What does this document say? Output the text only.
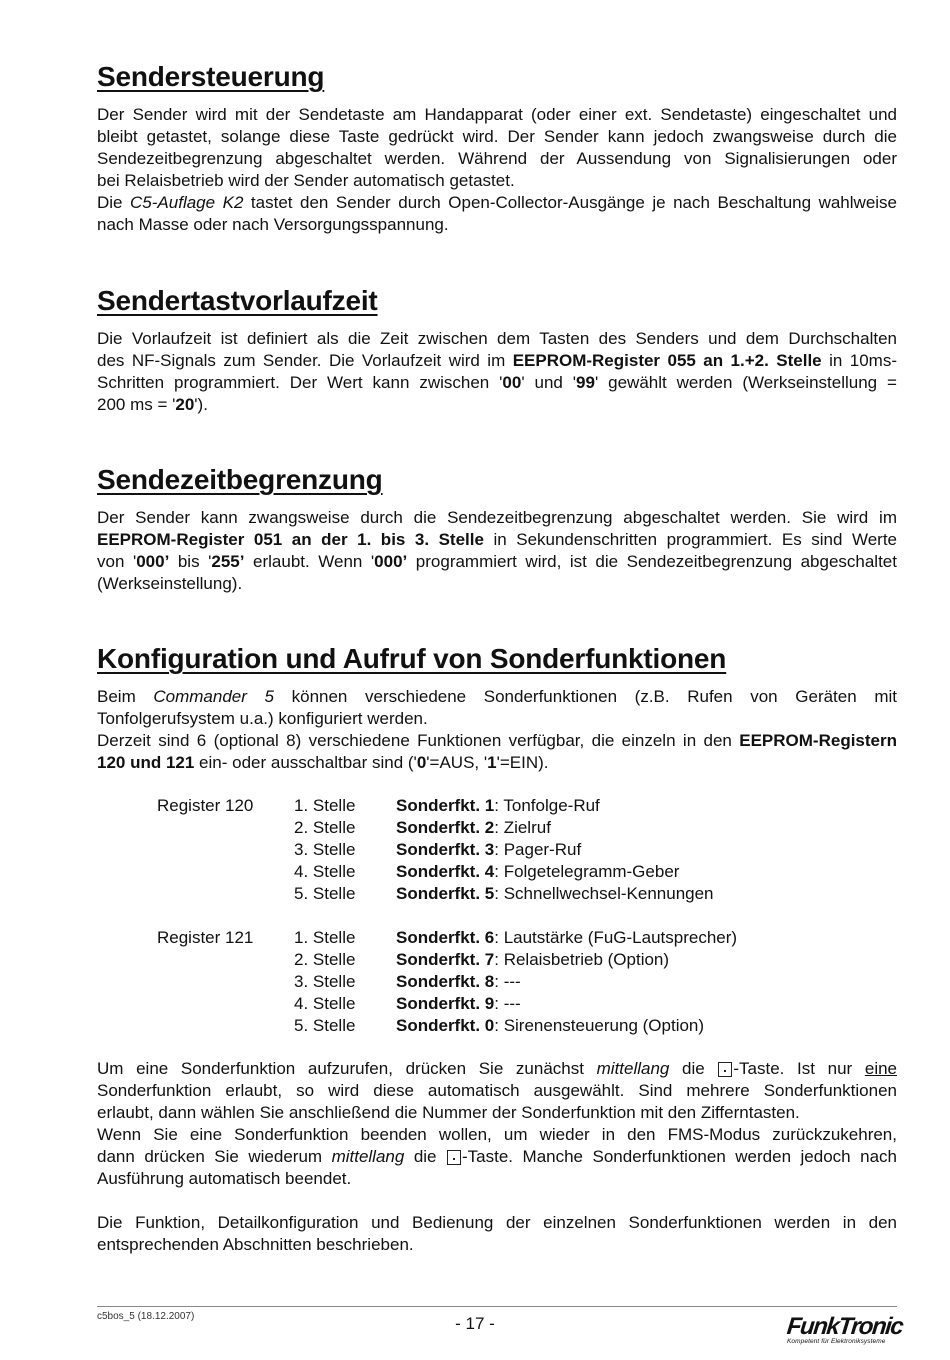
Sendersteuerung
Der Sender wird mit der Sendetaste am Handapparat (oder einer ext. Sendetaste) eingeschaltet und
bleibt getastet, solange diese Taste gedrückt wird. Der Sender kann jedoch zwangsweise durch die
Sendezeitbegrenzung abgeschaltet werden. Während der Aussendung von Signalisierungen oder
bei Relaisbetrieb wird der Sender automatisch getastet.
Die C5-Auflage K2 tastet den Sender durch Open-Collector-Ausgänge je nach Beschaltung wahlweise
nach Masse oder nach Versorgungsspannung.
Sendertastvorlaufzeit
Die Vorlaufzeit ist definiert als die Zeit zwischen dem Tasten des Senders und dem Durchschalten
des NF-Signals zum Sender. Die Vorlaufzeit wird im EEPROM-Register 055 an 1.+2. Stelle in 10ms-
Schritten programmiert. Der Wert kann zwischen '00' und '99' gewählt werden (Werkseinstellung =
200 ms = '20').
Sendezeitbegrenzung
Der Sender kann zwangsweise durch die Sendezeitbegrenzung abgeschaltet werden. Sie wird im
EEPROM-Register 051 an der 1. bis 3. Stelle in Sekundenschritten programmiert. Es sind Werte
von '000’ bis '255’ erlaubt. Wenn '000’ programmiert wird, ist die Sendezeitbegrenzung abgeschaltet
(Werkseinstellung).
Konfiguration und Aufruf von Sonderfunktionen
Beim Commander 5 können verschiedene Sonderfunktionen (z.B. Rufen von Geräten mit
Tonfolgerufsystem u.a.) konfiguriert werden.
Derzeit sind 6 (optional 8) verschiedene Funktionen verfügbar, die einzeln in den EEPROM-Registern
120 und 121 ein- oder ausschaltbar sind ('0'=AUS, '1'=EIN).
Register 120 1. Stelle Sonderfkt. 1: Tonfolge-Ruf
2. Stelle Sonderfkt. 2: Zielruf
3. Stelle Sonderfkt. 3: Pager-Ruf
4. Stelle Sonderfkt. 4: Folgetelegramm-Geber
5. Stelle Sonderfkt. 5: Schnellwechsel-Kennungen
Register 121 1. Stelle Sonderfkt. 6: Lautstärke (FuG-Lautsprecher)
2. Stelle Sonderfkt. 7: Relaisbetrieb (Option)
3. Stelle Sonderfkt. 8: ---
4. Stelle Sonderfkt. 9: ---
5. Stelle Sonderfkt. 0: Sirenensteuerung (Option)
Um eine Sonderfunktion aufzurufen, drücken Sie zunächst mittellang die -Taste. Ist nur eine
Sonderfunktion erlaubt, so wird diese automatisch ausgewählt. Sind mehrere Sonderfunktionen
erlaubt, dann wählen Sie anschließend die Nummer der Sonderfunktion mit den Zifferntasten.
Wenn Sie eine Sonderfunktion beenden wollen, um wieder in den FMS-Modus zurückzukehren,
dann drücken Sie wiederum mittellang die -Taste. Manche Sonderfunktionen werden jedoch nach
Ausführung automatisch beendet.
Die Funktion, Detailkonfiguration und Bedienung der einzelnen Sonderfunktionen werden in den
entsprechenden Abschnitten beschrieben.
c5bos_5 (18.12.2007)	- 17 -	FunkTronic
Kompetent für Elektroniksysteme
